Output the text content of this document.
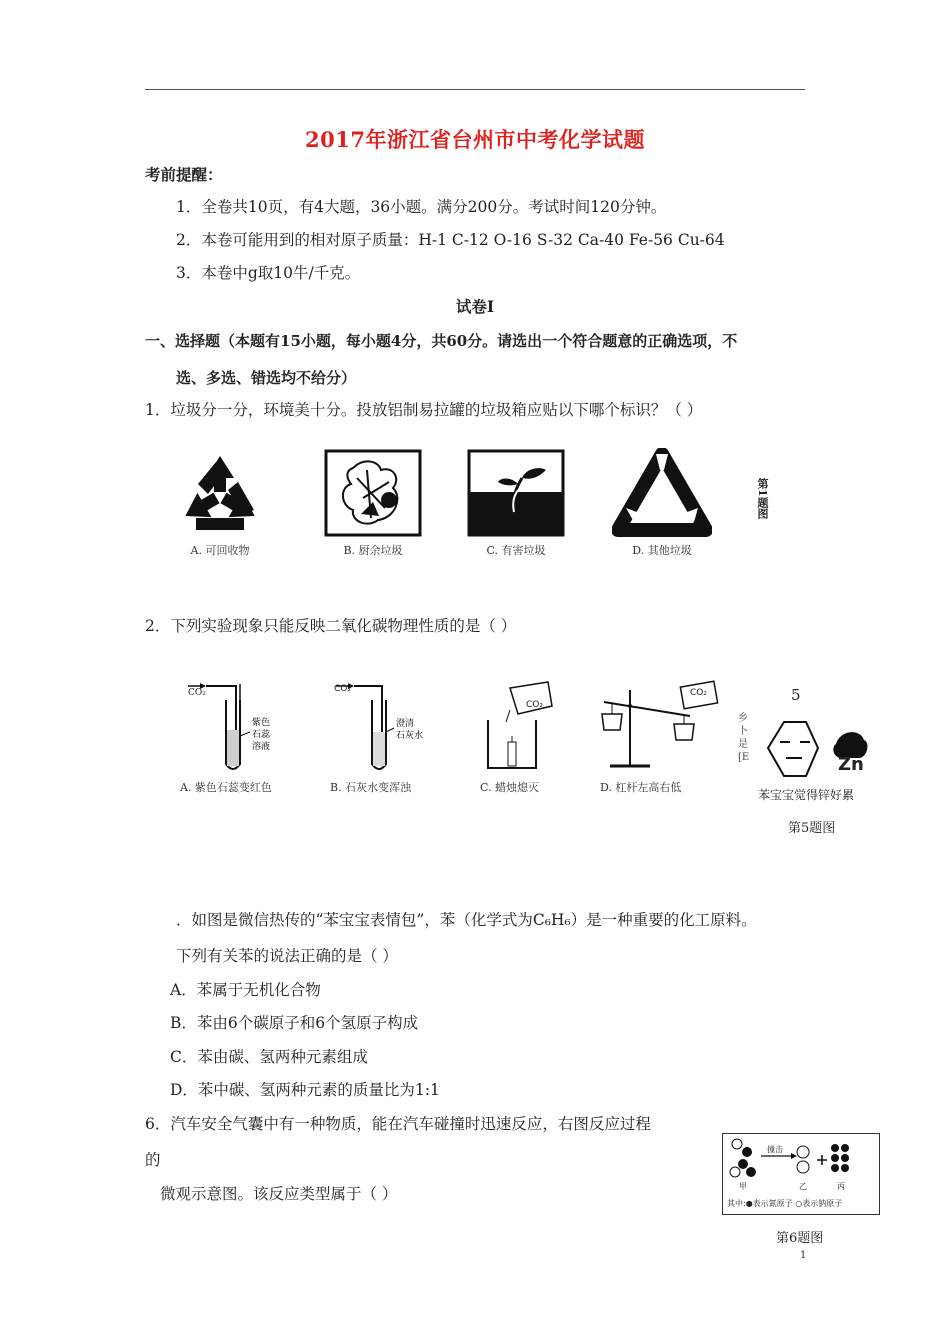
2017年浙江省台州市中考化学试题
考前提醒：
1．全卷共10页，有4大题，36小题。满分200分。考试时间120分钟。
2．本卷可能用到的相对原子质量：H-1 C-12 O-16 S-32 Ca-40 Fe-56 Cu-64
3．本卷中g取10牛/千克。
试卷Ⅰ
一、选择题（本题有15小题，每小题4分，共60分。请选出一个符合题意的正确选项，不
选、多选、错选均不给分）
1．垃圾分一分，环境美十分。投放铝制易拉罐的垃圾箱应贴以下哪个标识？（ ）
A. 可回收物	B. 厨余垃圾	C. 有害垃圾	D. 其他垃圾
第1题图
2．下列实验现象只能反映二氧化碳物理性质的是（ ）
紫色
石蕊
溶液
CO₂
A. 紫色石蕊变红色
澄清
石灰水
CO₂
B. 石灰水变浑浊
CO₂
C. 蜡烛熄灭
CO₂
D. 杠杆左高右低
5
乡
卜
是
[E	Zn
苯宝宝觉得锌好累
第5题图
．如图是微信热传的“苯宝宝表情包”，苯（化学式为C₆H₆）是一种重要的化工原料。
下列有关苯的说法正确的是（ ）
A．苯属于无机化合物
B．苯由6个碳原子和6个氢原子构成
C．苯由碳、氢两种元素组成
D．苯中碳、氢两种元素的质量比为1:1
6．汽车安全气囊中有一种物质，能在汽车碰撞时迅速反应，右图反应过程
的
微观示意图。该反应类型属于（ ）
撞击
甲	乙	丙
其中:●表示氮原子 ○表示钠原子
第6题图
1
